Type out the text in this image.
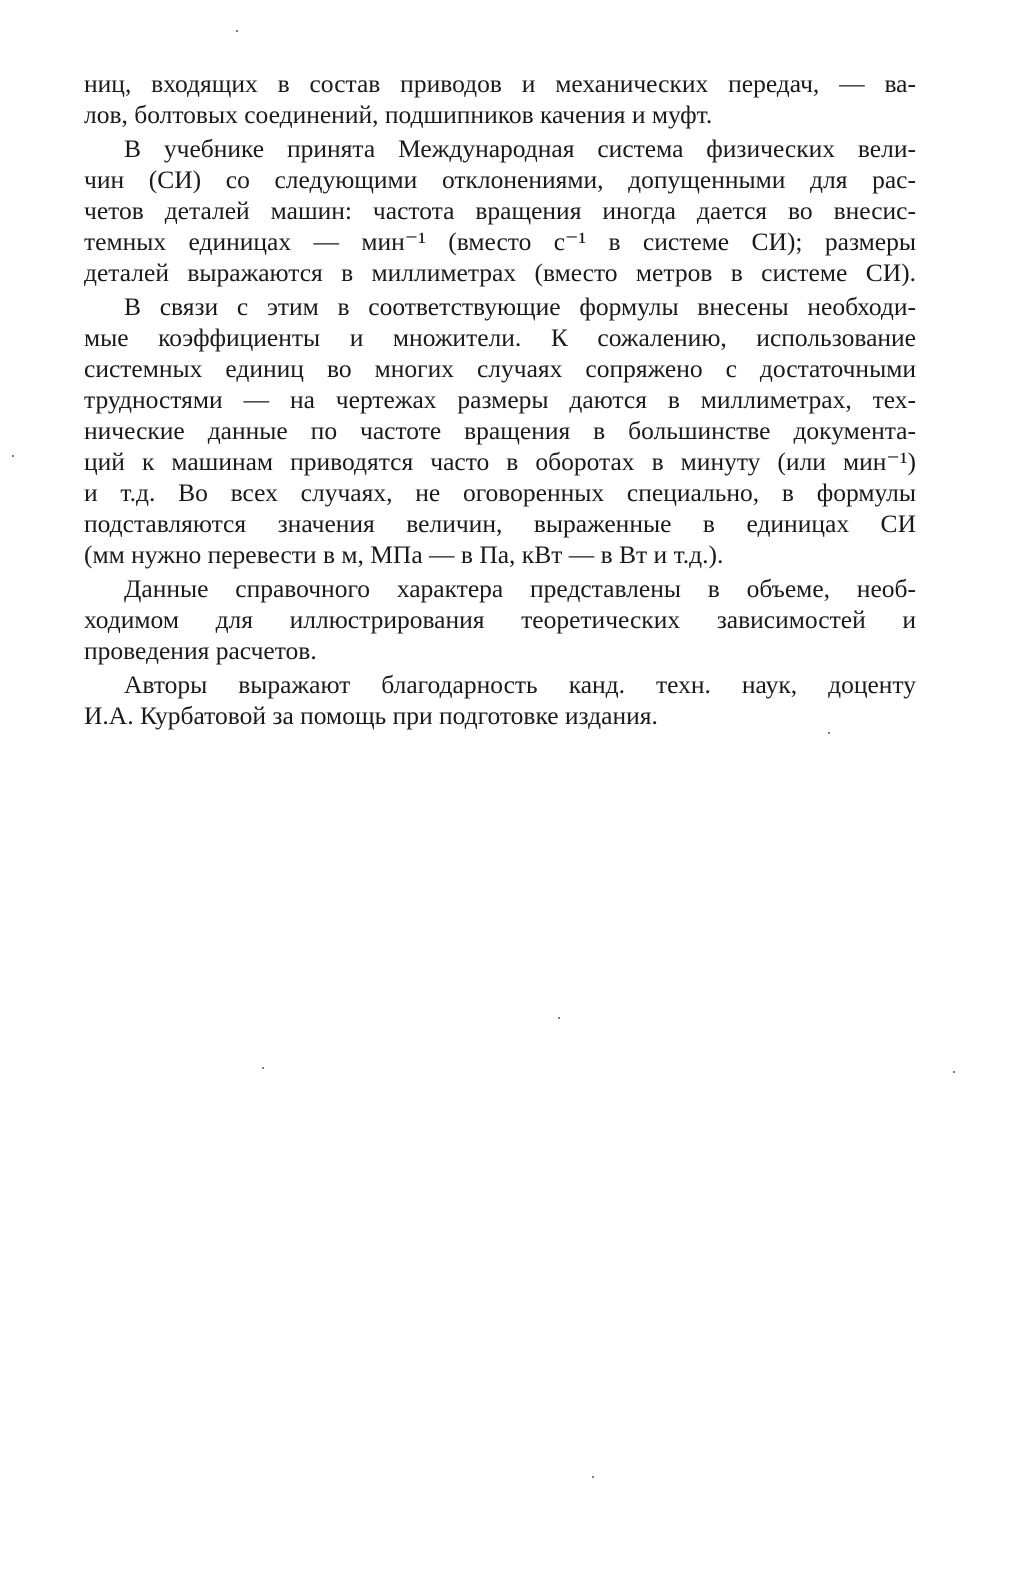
ниц, входящих в состав приводов и механических передач, — ва-
лов, болтовых соединений, подшипников качения и муфт.

В учебнике принята Международная система физических вели-
чин (СИ) со следующими отклонениями, допущенными для рас-
четов деталей машин: частота вращения иногда дается во внесис-
темных единицах — мин⁻¹ (вместо с⁻¹ в системе СИ); размеры
деталей выражаются в миллиметрах (вместо метров в системе СИ).

В связи с этим в соответствующие формулы внесены необходи-
мые коэффициенты и множители. К сожалению, использование
системных единиц во многих случаях сопряжено с достаточными
трудностями — на чертежах размеры даются в миллиметрах, тех-
нические данные по частоте вращения в большинстве документа-
ций к машинам приводятся часто в оборотах в минуту (или мин⁻¹)
и т.д. Во всех случаях, не оговоренных специально, в формулы
подставляются значения величин, выраженные в единицах СИ
(мм нужно перевести в м, МПа — в Па, кВт — в Вт и т.д.).

Данные справочного характера представлены в объеме, необ-
ходимом для иллюстрирования теоретических зависимостей и
проведения расчетов.

Авторы выражают благодарность канд. техн. наук, доценту
И.А. Курбатовой за помощь при подготовке издания.
